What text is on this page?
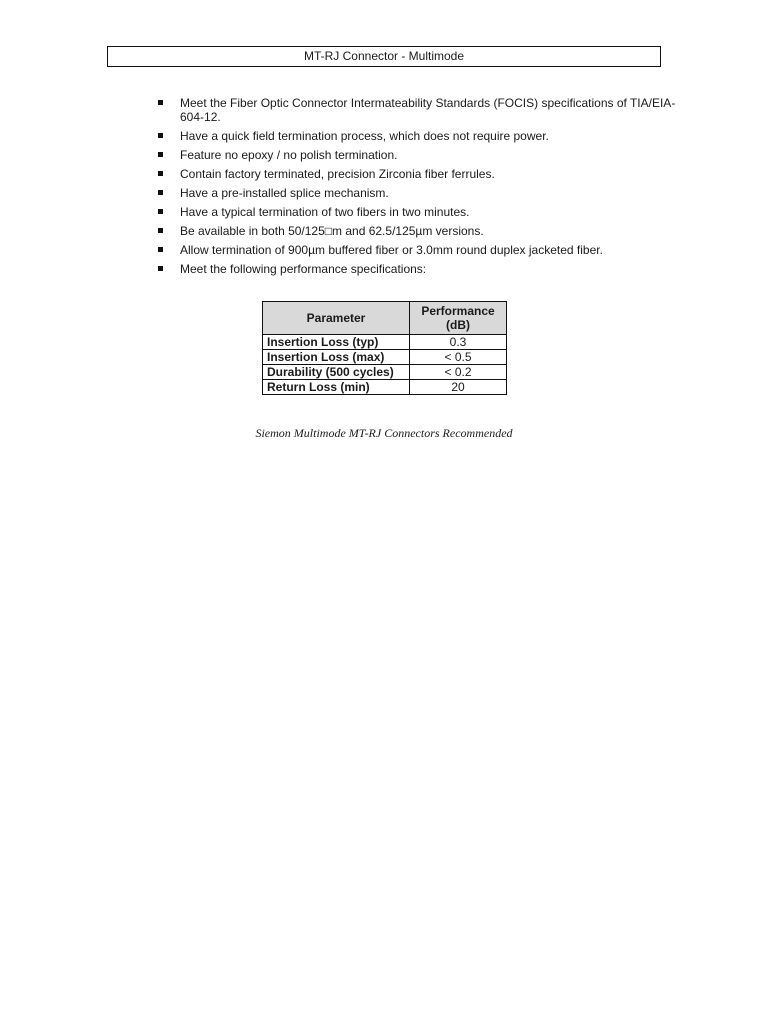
MT-RJ Connector - Multimode
Meet the Fiber Optic Connector Intermateability Standards (FOCIS) specifications of TIA/EIA-604-12.
Have a quick field termination process, which does not require power.
Feature no epoxy / no polish termination.
Contain factory terminated, precision Zirconia fiber ferrules.
Have a pre-installed splice mechanism.
Have a typical termination of two fibers in two minutes.
Be available in both 50/125□m and 62.5/125µm versions.
Allow termination of 900µm buffered fiber or 3.0mm round duplex jacketed fiber.
Meet the following performance specifications:
Parameter	Performance (dB)
Insertion Loss (typ)	0.3
Insertion Loss (max)	< 0.5
Durability (500 cycles)	< 0.2
Return Loss (min)	20
Siemon Multimode MT-RJ Connectors Recommended
